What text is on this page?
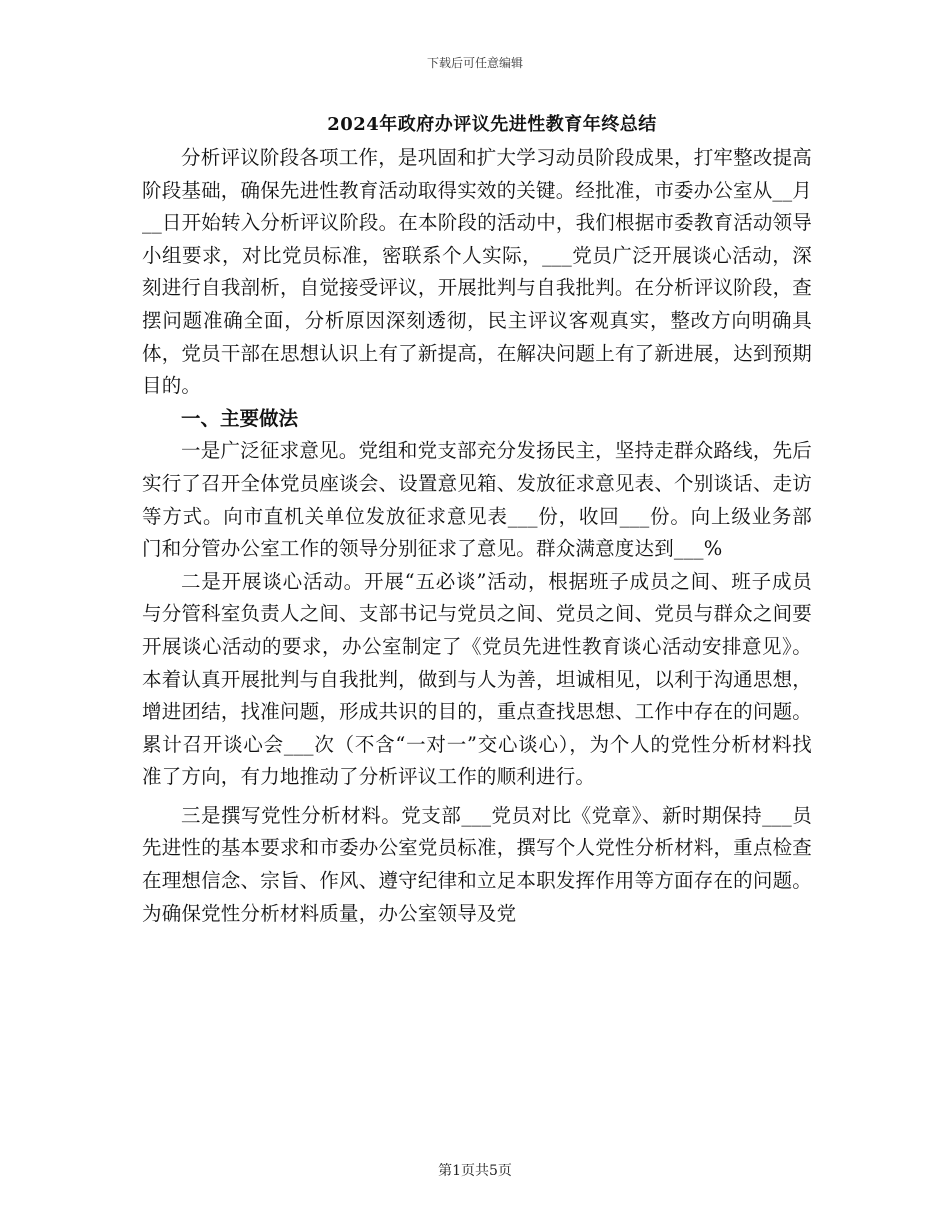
下载后可任意编辑
2024年政府办评议先进性教育年终总结

分析评议阶段各项工作，是巩固和扩大学习动员阶段成果，打牢整改提高阶段基础，确保先进性教育活动取得实效的关键。经批准，市委办公室从__月__日开始转入分析评议阶段。在本阶段的活动中，我们根据市委教育活动领导小组要求，对比党员标准，密联系个人实际，___党员广泛开展谈心活动，深刻进行自我剖析，自觉接受评议，开展批判与自我批判。在分析评议阶段，查摆问题准确全面，分析原因深刻透彻，民主评议客观真实，整改方向明确具体，党员干部在思想认识上有了新提高，在解决问题上有了新进展，达到预期目的。

一、主要做法

一是广泛征求意见。党组和党支部充分发扬民主，坚持走群众路线，先后实行了召开全体党员座谈会、设置意见箱、发放征求意见表、个别谈话、走访等方式。向市直机关单位发放征求意见表___份，收回___份。向上级业务部门和分管办公室工作的领导分别征求了意见。群众满意度达到___%

二是开展谈心活动。开展“五必谈”活动，根据班子成员之间、班子成员与分管科室负责人之间、支部书记与党员之间、党员之间、党员与群众之间要开展谈心活动的要求，办公室制定了《党员先进性教育谈心活动安排意见》。本着认真开展批判与自我批判，做到与人为善，坦诚相见，以利于沟通思想，增进团结，找准问题，形成共识的目的，重点查找思想、工作中存在的问题。累计召开谈心会___次（不含“一对一”交心谈心），为个人的党性分析材料找准了方向，有力地推动了分析评议工作的顺利进行。

三是撰写党性分析材料。党支部___党员对比《党章》、新时期保持___员先进性的基本要求和市委办公室党员标准，撰写个人党性分析材料，重点检查在理想信念、宗旨、作风、遵守纪律和立足本职发挥作用等方面存在的问题。为确保党性分析材料质量，办公室领导及党

第1页共5页
